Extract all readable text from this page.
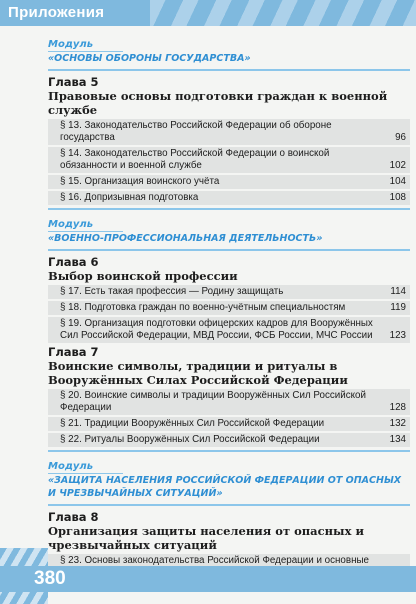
Приложения
Модуль
«ОСНОВЫ ОБОРОНЫ ГОСУДАРСТВА»
Глава 5
Правовые основы подготовки граждан к военной службе
§ 13. Законодательство Российской Федерации об обороне государства	96
§ 14. Законодательство Российской Федерации о воинской обязанности и военной службе	102
§ 15. Организация воинского учёта	104
§ 16. Допризывная подготовка	108
Модуль
«ВОЕННО-ПРОФЕССИОНАЛЬНАЯ ДЕЯТЕЛЬНОСТЬ»
Глава 6
Выбор воинской профессии
§ 17. Есть такая профессия — Родину защищать	114
§ 18. Подготовка граждан по военно-учётным специальностям	119
§ 19. Организация подготовки офицерских кадров для Вооружённых Сил Российской Федерации, МВД России, ФСБ России, МЧС России 123
Глава 7
Воинские символы, традиции и ритуалы в Вооружённых Силах Российской Федерации
§ 20. Воинские символы и традиции Вооружённых Сил Российской Федерации	128
§ 21. Традиции Вооружённых Сил Российской Федерации	132
§ 22. Ритуалы Вооружённых Сил Российской Федерации	134
Модуль
«ЗАЩИТА НАСЕЛЕНИЯ РОССИЙСКОЙ ФЕДЕРАЦИИ ОТ ОПАСНЫХ И ЧРЕЗВЫЧАЙНЫХ СИТУАЦИЙ»
Глава 8
Организация защиты населения от опасных и чрезвычайных ситуаций
§ 23. Основы законодательства Российской Федерации и основные
380
